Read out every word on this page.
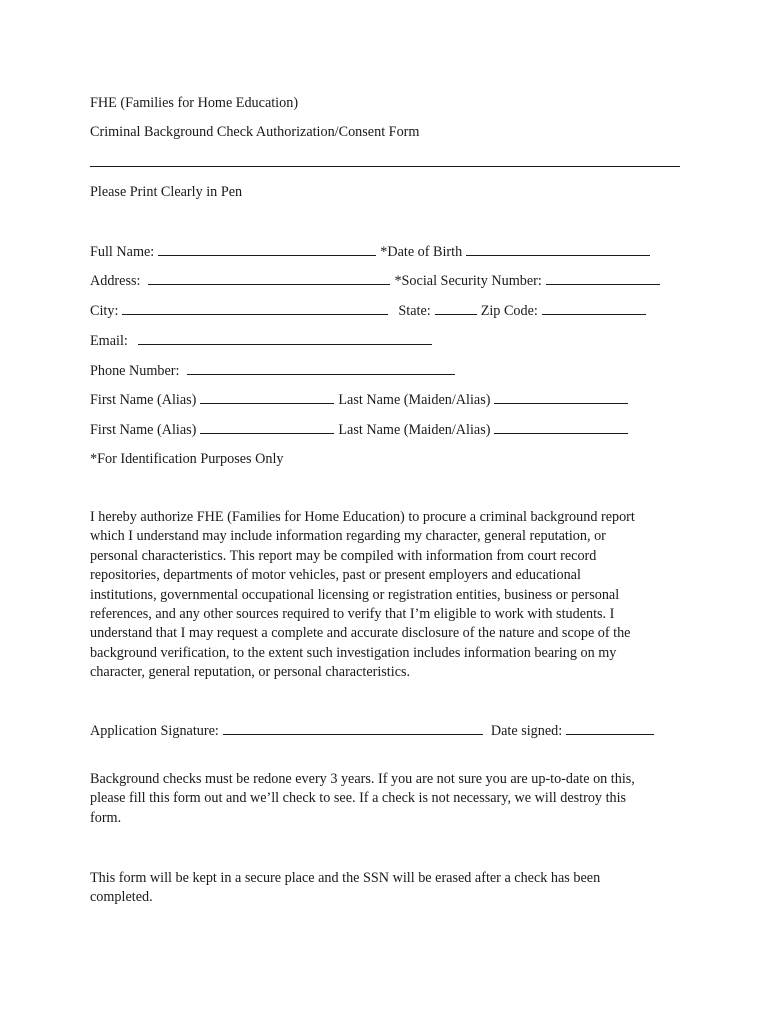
FHE (Families for Home Education)
Criminal Background Check Authorization/Consent Form
Please Print Clearly in Pen
Full Name:	*Date of Birth
Address:	*Social Security Number:
City:	State:	Zip Code:
Email:
Phone Number:
First Name (Alias)	Last Name (Maiden/Alias)
First Name (Alias)	Last Name (Maiden/Alias)
*For Identification Purposes Only
I hereby authorize FHE (Families for Home Education) to procure a criminal background report
which I understand may include information regarding my character, general reputation, or
personal characteristics. This report may be compiled with information from court record
repositories, departments of motor vehicles, past or present employers and educational
institutions, governmental occupational licensing or registration entities, business or personal
references, and any other sources required to verify that I’m eligible to work with students. I
understand that I may request a complete and accurate disclosure of the nature and scope of the
background verification, to the extent such investigation includes information bearing on my
character, general reputation, or personal characteristics.
Application Signature:	Date signed:
Background checks must be redone every 3 years. If you are not sure you are up-to-date on this,
please fill this form out and we’ll check to see. If a check is not necessary, we will destroy this
form.
This form will be kept in a secure place and the SSN will be erased after a check has been
completed.
